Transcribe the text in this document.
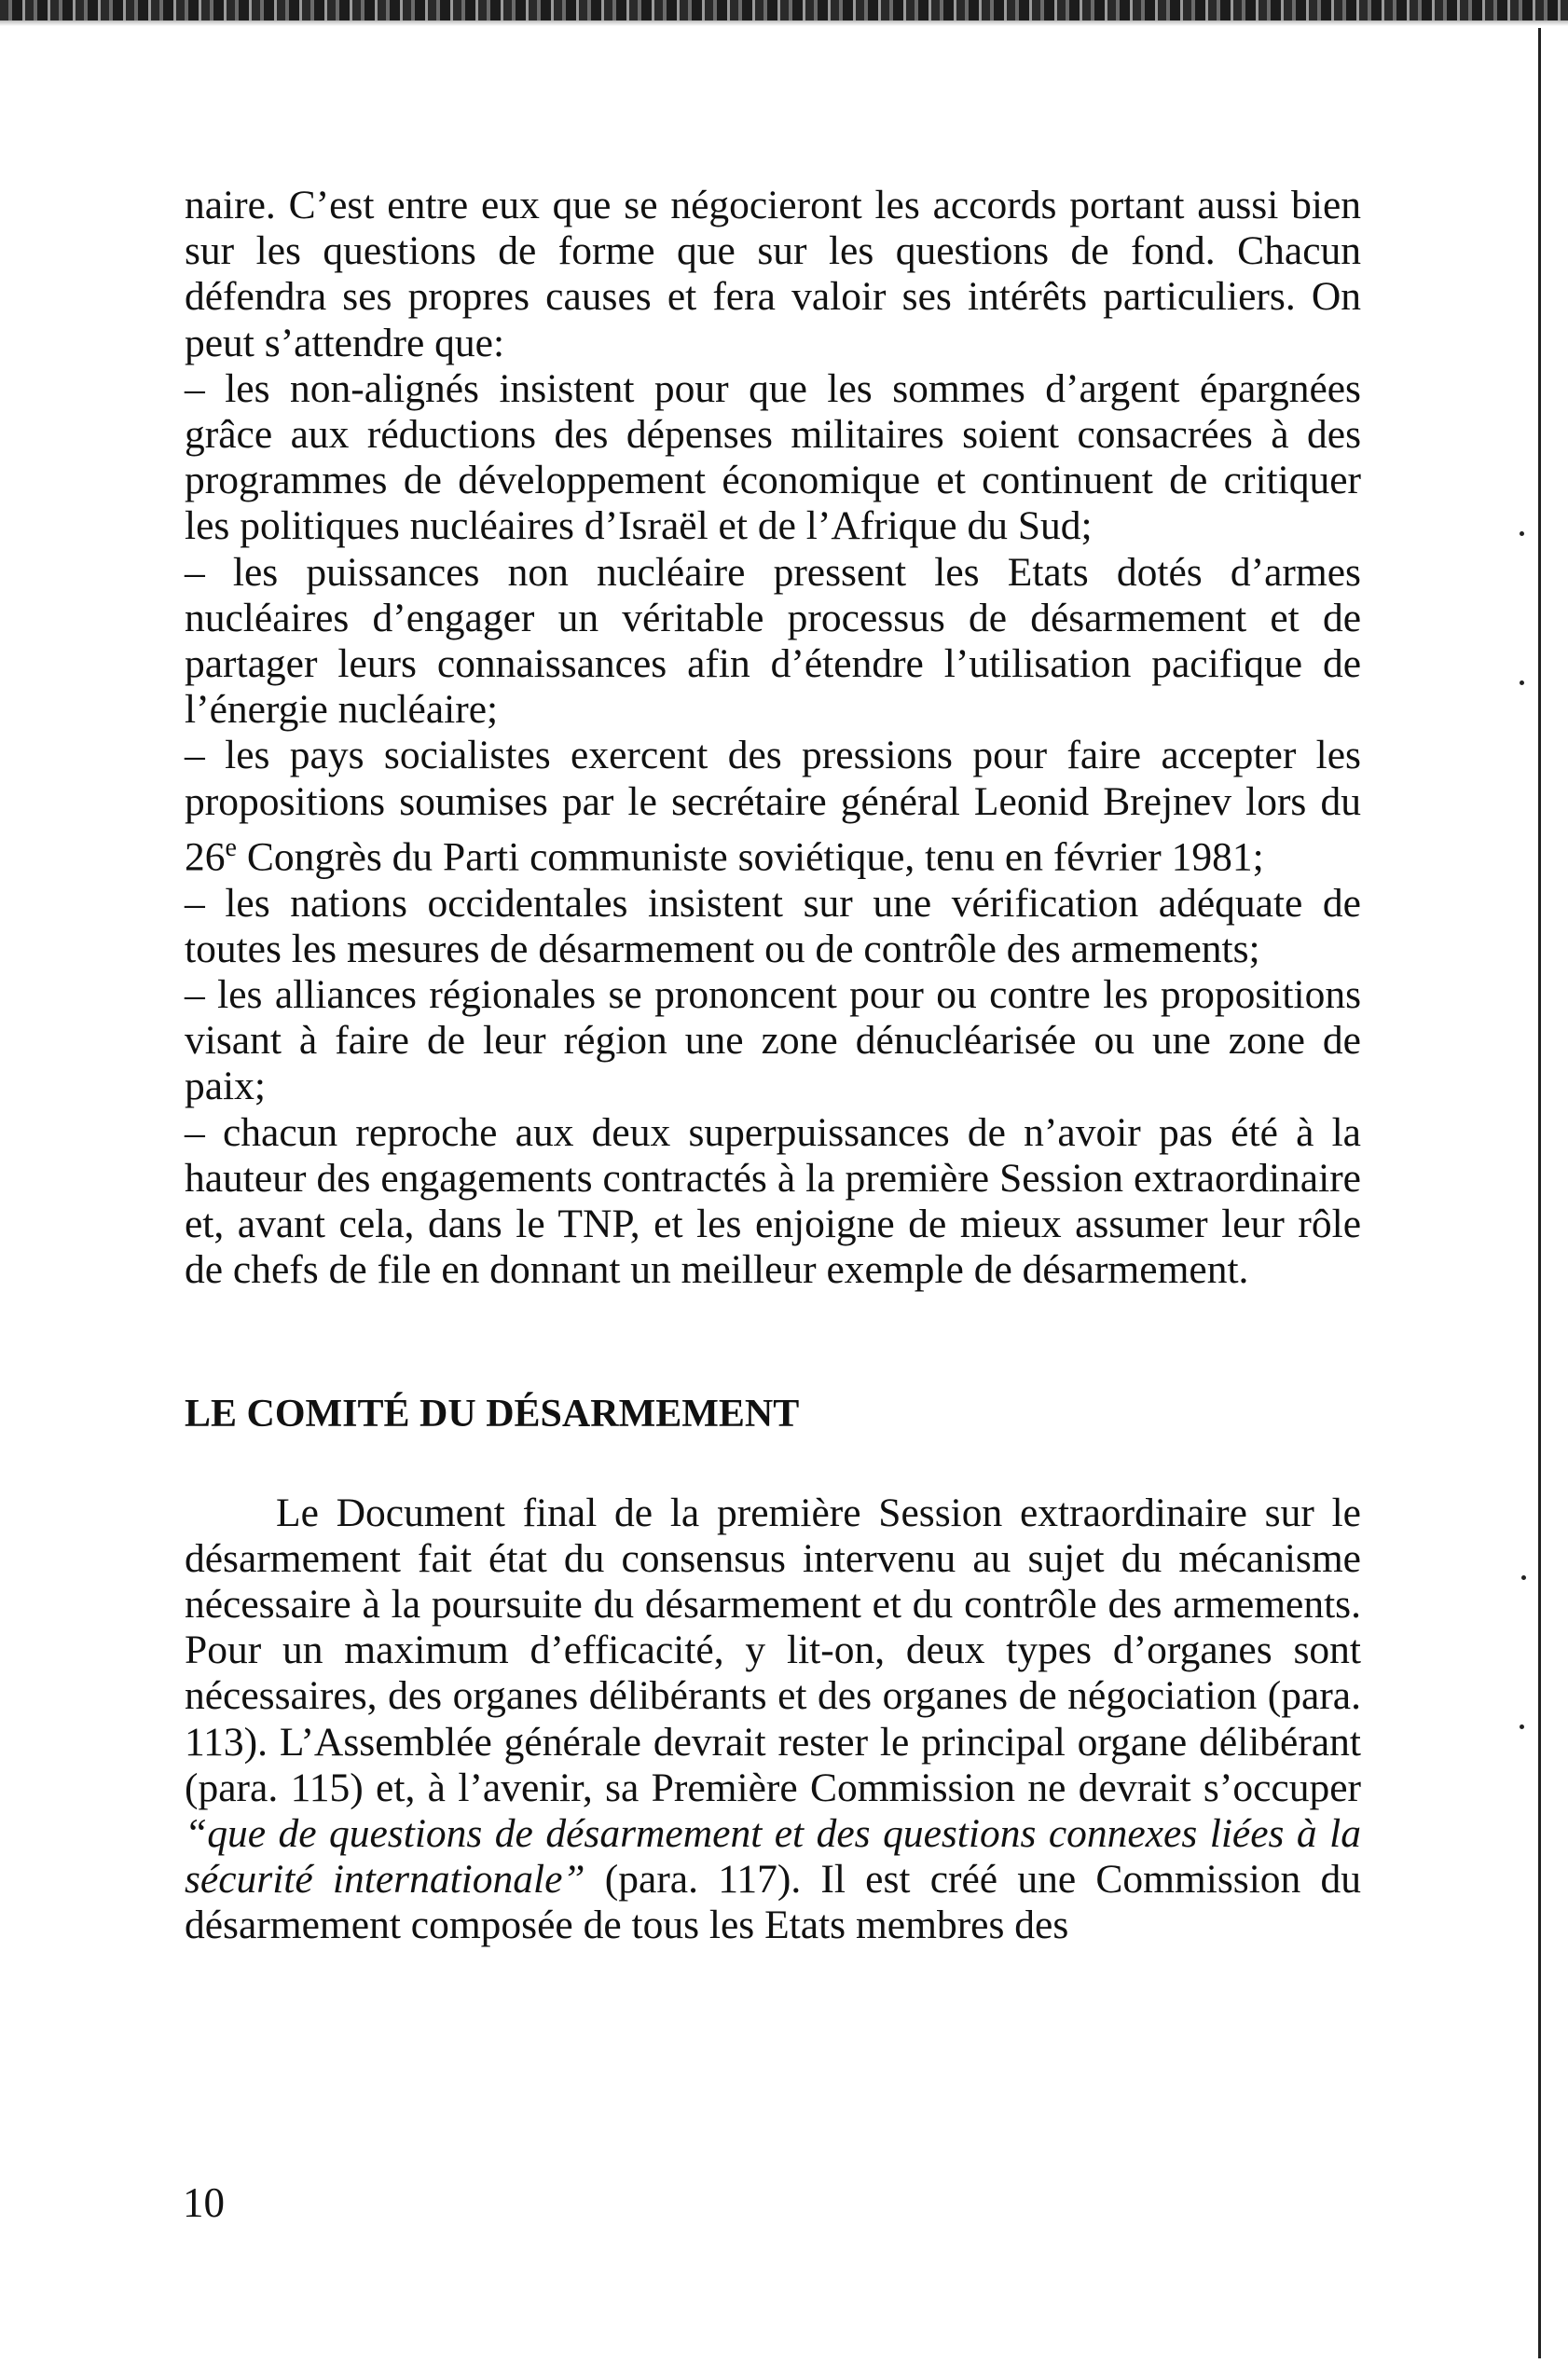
naire. C’est entre eux que se négocieront les accords portant aussi bien sur les questions de forme que sur les questions de fond. Chacun défendra ses propres causes et fera valoir ses intérêts particuliers. On peut s’attendre que:

– les non-alignés insistent pour que les sommes d’argent épargnées grâce aux réductions des dépenses militaires soient consacrées à des programmes de développement économique et continuent de critiquer les politiques nucléaires d’Israël et de l’Afrique du Sud;

– les puissances non nucléaire pressent les Etats dotés d’armes nucléaires d’engager un véritable processus de désarmement et de partager leurs connaissances afin d’étendre l’utilisation pacifique de l’énergie nucléaire;

– les pays socialistes exercent des pressions pour faire accepter les propositions soumises par le secrétaire général Leonid Brejnev lors du 26e Congrès du Parti communiste soviétique, tenu en février 1981;

– les nations occidentales insistent sur une vérification adéquate de toutes les mesures de désarmement ou de contrôle des armements;

– les alliances régionales se prononcent pour ou contre les propositions visant à faire de leur région une zone dénucléarisée ou une zone de paix;

– chacun reproche aux deux superpuissances de n’avoir pas été à la hauteur des engagements contractés à la première Session extraordinaire et, avant cela, dans le TNP, et les enjoigne de mieux assumer leur rôle de chefs de file en donnant un meilleur exemple de désarmement.

LE COMITÉ DU DÉSARMEMENT

Le Document final de la première Session extraordinaire sur le désarmement fait état du consensus intervenu au sujet du mécanisme nécessaire à la poursuite du désarmement et du contrôle des armements. Pour un maximum d’efficacité, y lit-on, deux types d’organes sont nécessaires, des organes délibérants et des organes de négociation (para. 113). L’Assemblée générale devrait rester le principal organe délibérant (para. 115) et, à l’avenir, sa Première Commission ne devrait s’occuper “que de questions de désarmement et des questions connexes liées à la sécurité internationale” (para. 117). Il est créé une Commission du désarmement composée de tous les Etats membres des

10
